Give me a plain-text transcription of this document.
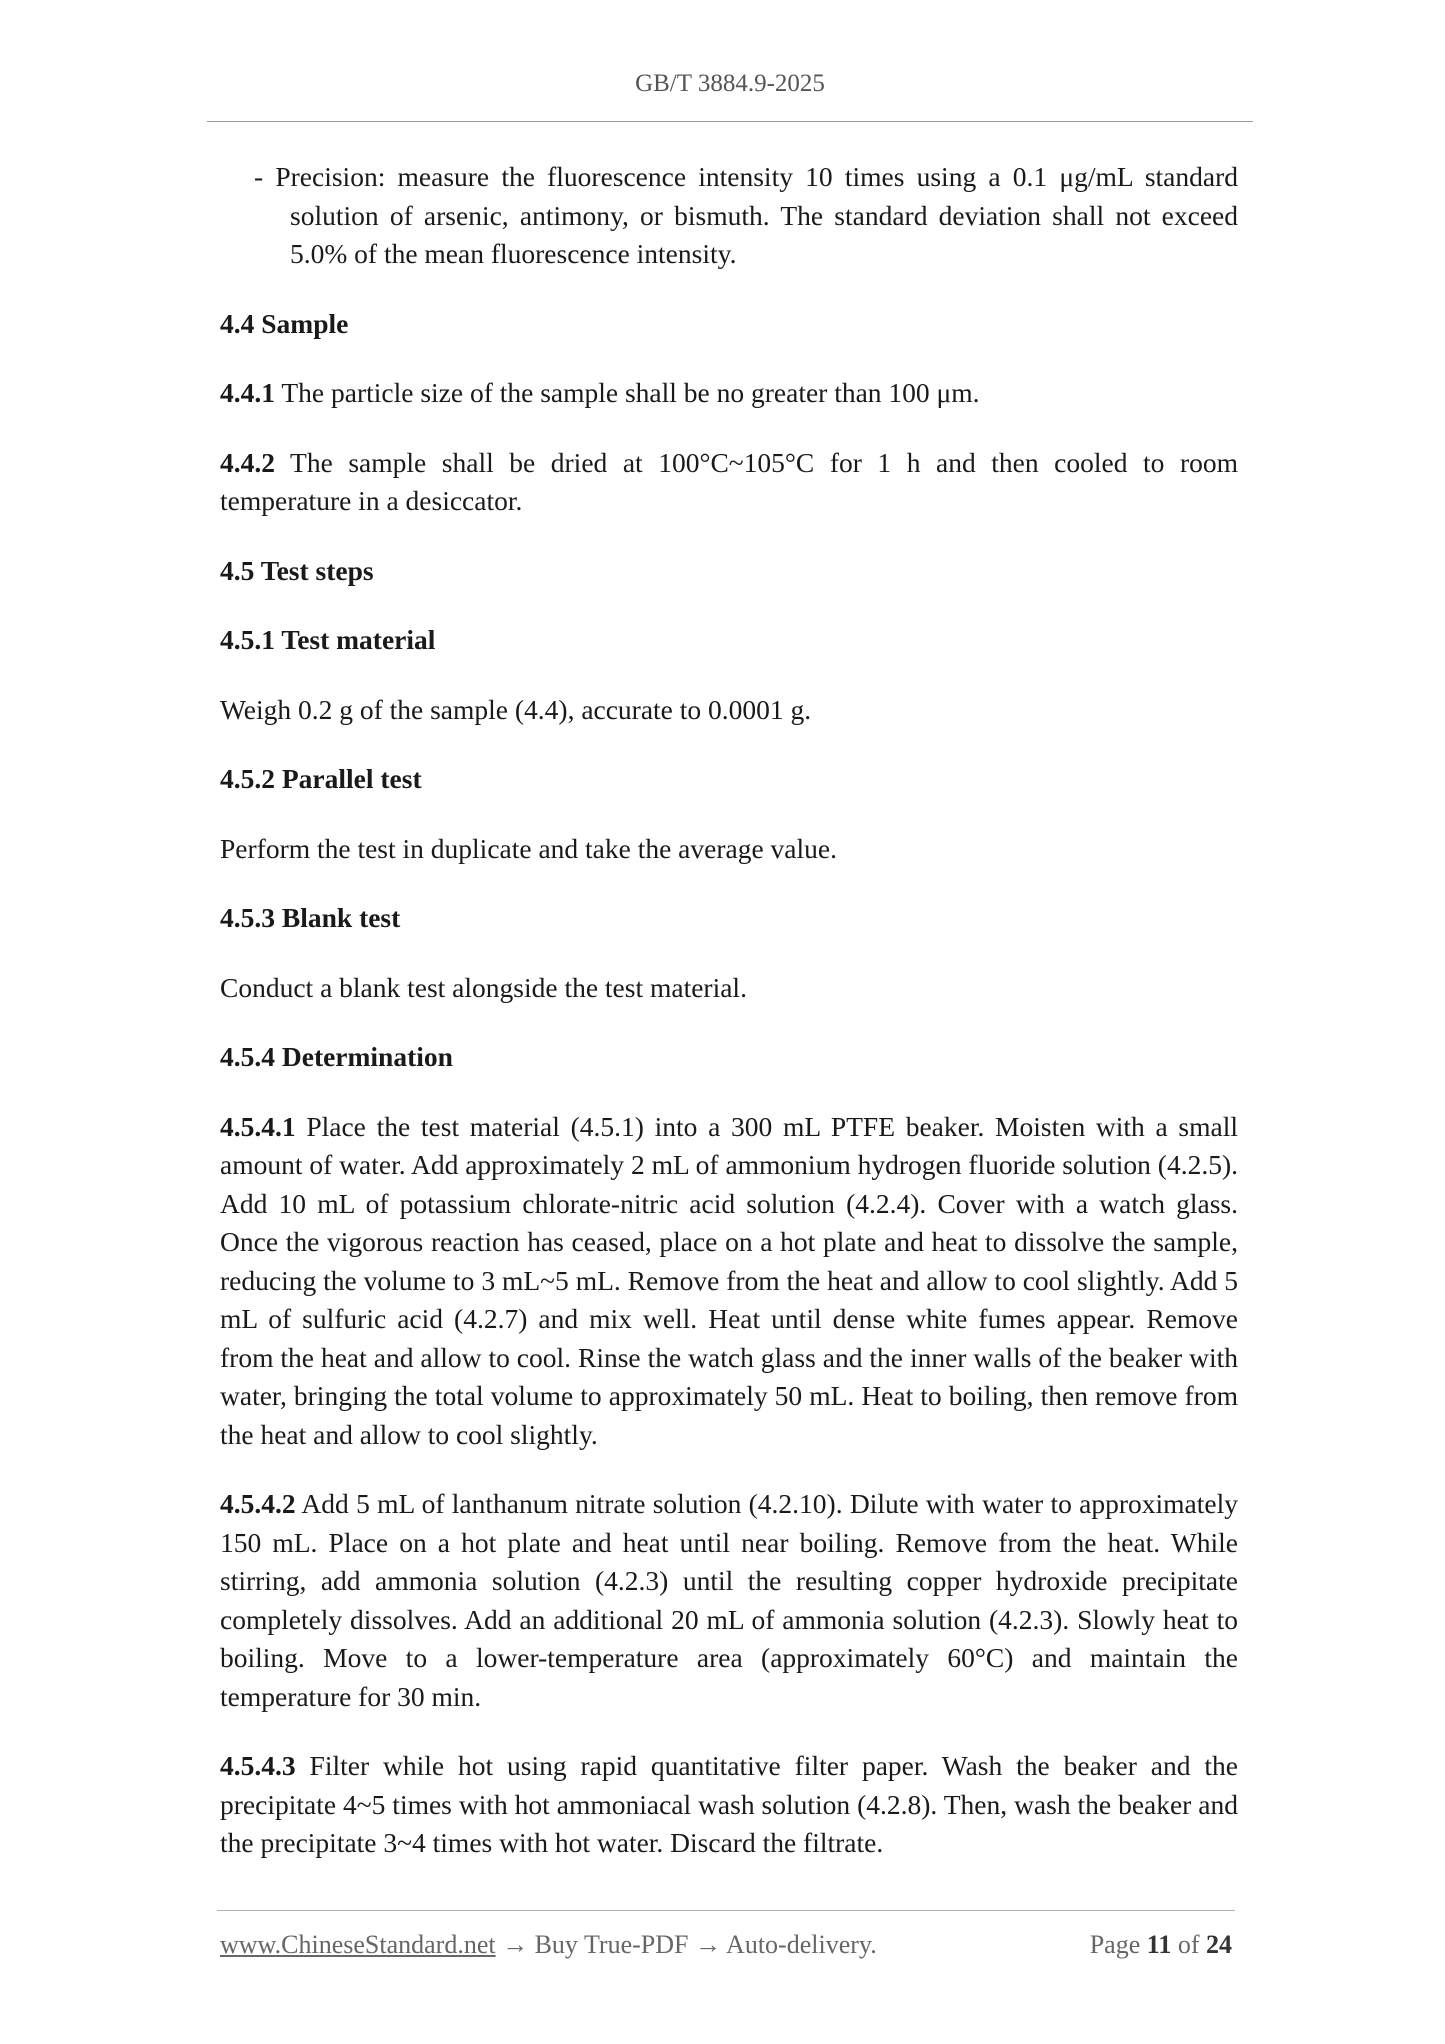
GB/T 3884.9-2025

- Precision: measure the fluorescence intensity 10 times using a 0.1 μg/mL standard solution of arsenic, antimony, or bismuth. The standard deviation shall not exceed 5.0% of the mean fluorescence intensity.

4.4 Sample

4.4.1 The particle size of the sample shall be no greater than 100 μm.

4.4.2 The sample shall be dried at 100°C~105°C for 1 h and then cooled to room temperature in a desiccator.

4.5 Test steps
4.5.1 Test material

Weigh 0.2 g of the sample (4.4), accurate to 0.0001 g.

4.5.2 Parallel test

Perform the test in duplicate and take the average value.

4.5.3 Blank test

Conduct a blank test alongside the test material.

4.5.4 Determination

4.5.4.1 Place the test material (4.5.1) into a 300 mL PTFE beaker. Moisten with a small amount of water. Add approximately 2 mL of ammonium hydrogen fluoride solution (4.2.5). Add 10 mL of potassium chlorate-nitric acid solution (4.2.4). Cover with a watch glass. Once the vigorous reaction has ceased, place on a hot plate and heat to dissolve the sample, reducing the volume to 3 mL~5 mL. Remove from the heat and allow to cool slightly. Add 5 mL of sulfuric acid (4.2.7) and mix well. Heat until dense white fumes appear. Remove from the heat and allow to cool. Rinse the watch glass and the inner walls of the beaker with water, bringing the total volume to approximately 50 mL. Heat to boiling, then remove from the heat and allow to cool slightly.

4.5.4.2 Add 5 mL of lanthanum nitrate solution (4.2.10). Dilute with water to approximately 150 mL. Place on a hot plate and heat until near boiling. Remove from the heat. While stirring, add ammonia solution (4.2.3) until the resulting copper hydroxide precipitate completely dissolves. Add an additional 20 mL of ammonia solution (4.2.3). Slowly heat to boiling. Move to a lower-temperature area (approximately 60°C) and maintain the temperature for 30 min.

4.5.4.3 Filter while hot using rapid quantitative filter paper. Wash the beaker and the precipitate 4~5 times with hot ammoniacal wash solution (4.2.8). Then, wash the beaker and the precipitate 3~4 times with hot water. Discard the filtrate.

www.ChineseStandard.net → Buy True-PDF → Auto-delivery.	Page 11 of 24
